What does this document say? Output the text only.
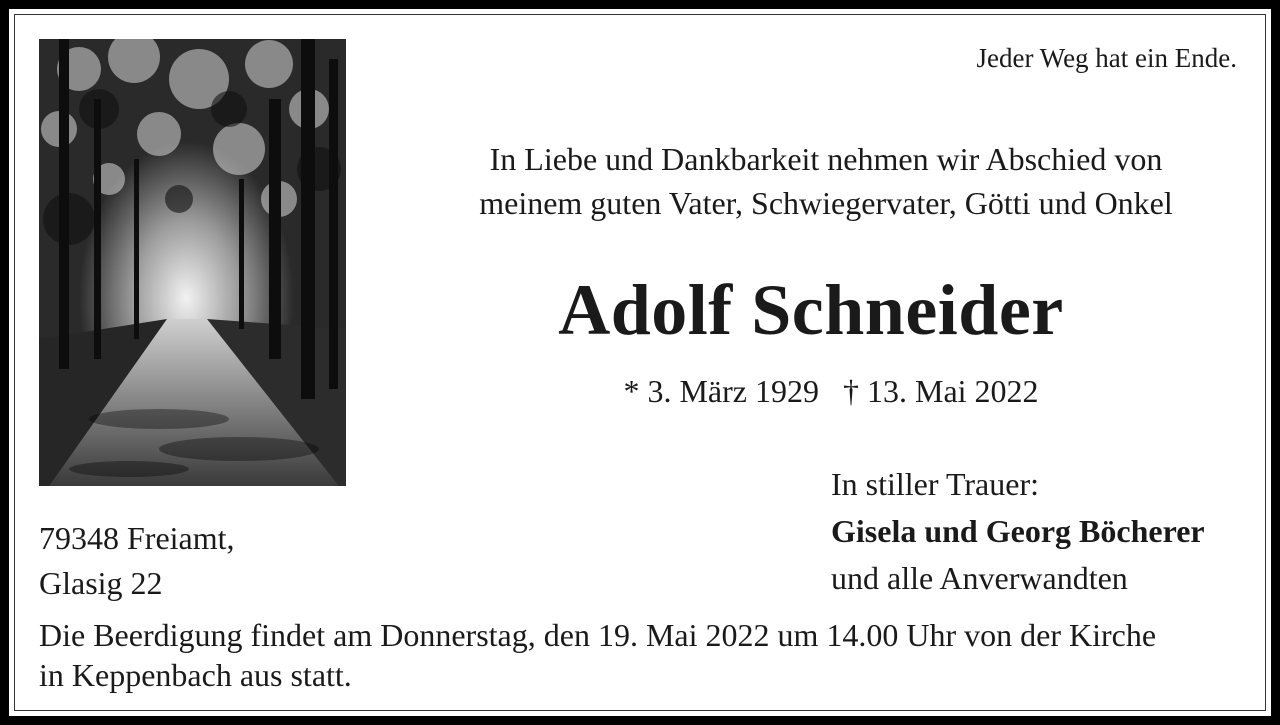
Jeder Weg hat ein Ende.

In Liebe und Dankbarkeit nehmen wir Abschied von
meinem guten Vater, Schwiegervater, Götti und Onkel
Adolf Schneider
* 3. März 1929 † 13. Mai 2022
In stiller Trauer:
Gisela und Georg Böcherer
und alle Anverwandten
79348 Freiamt,
Glasig 22
Die Beerdigung findet am Donnerstag, den 19. Mai 2022 um 14.00 Uhr von der Kirche
in Keppenbach aus statt.
